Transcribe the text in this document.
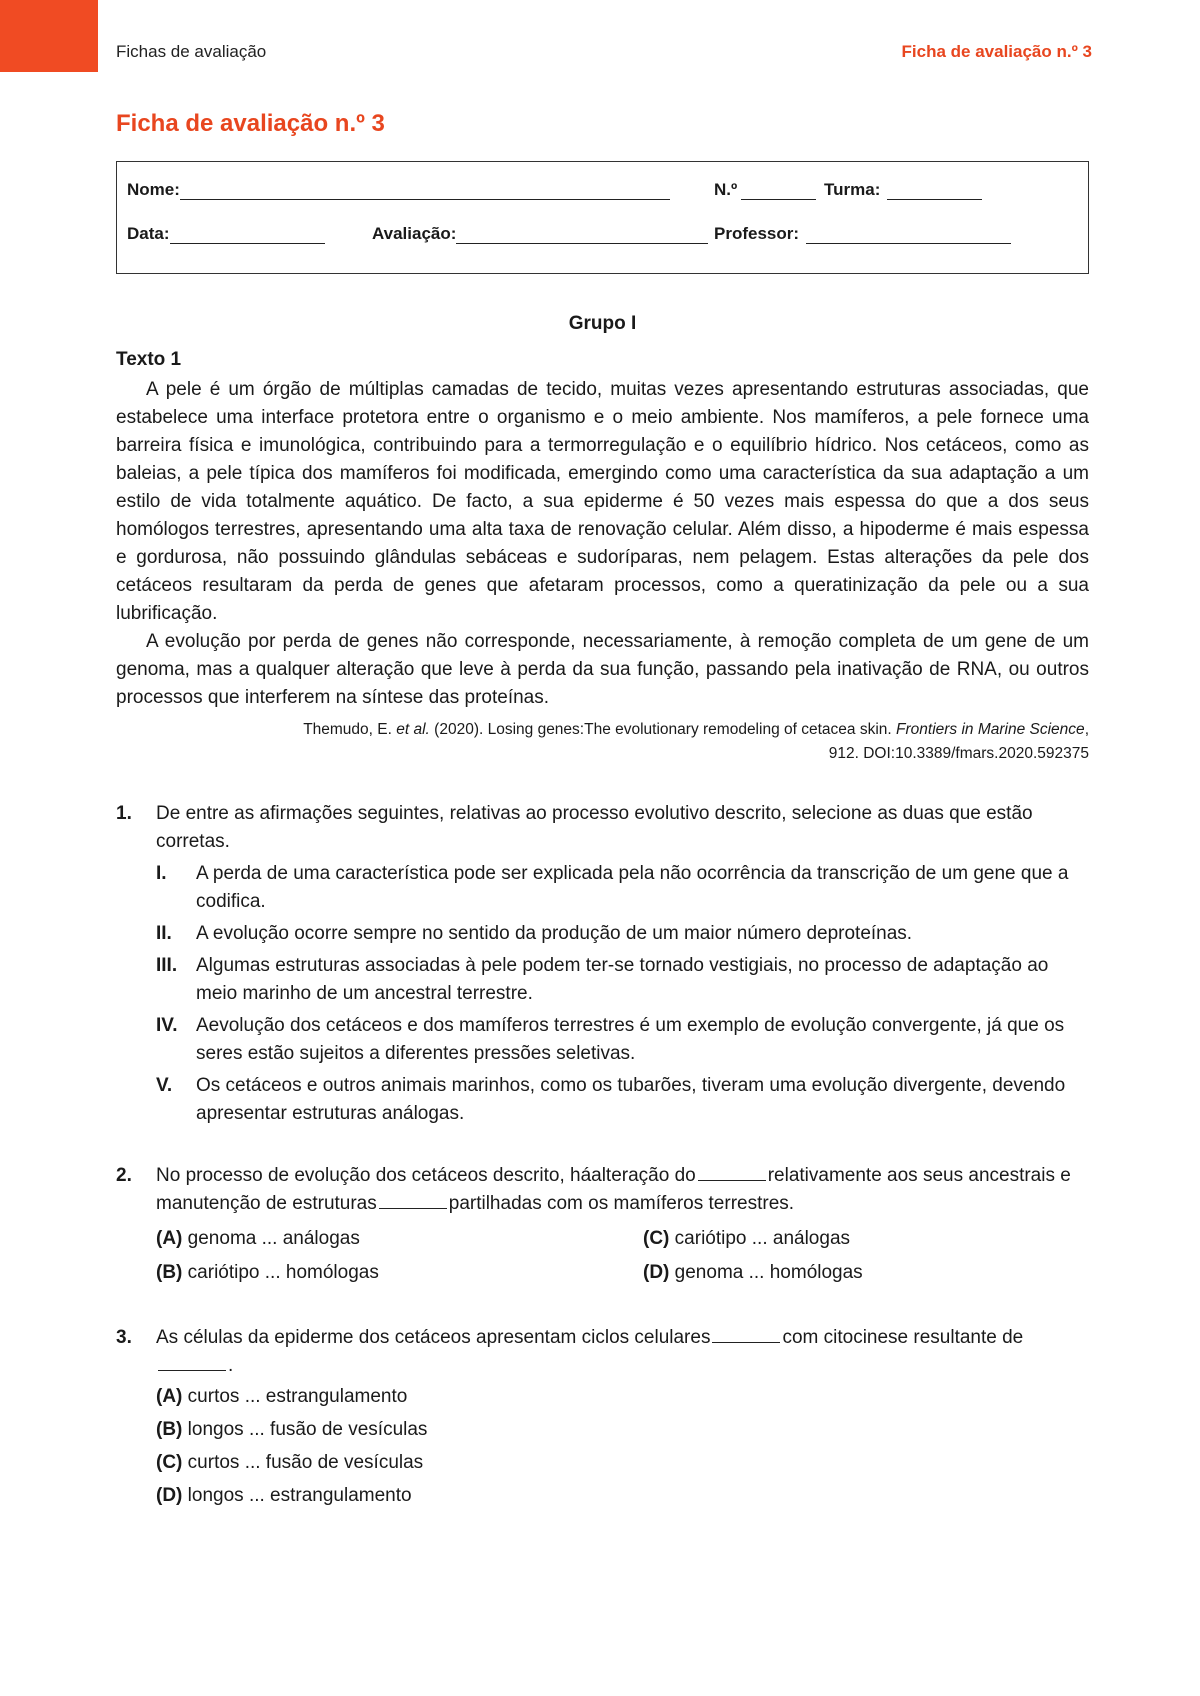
Fichas de avaliação	Ficha de avaliação n.º 3
Ficha de avaliação n.º 3
Nome:	N.º	Turma:
Data:	Avaliação:	Professor:
Grupo I
Texto 1

A pele é um órgão de múltiplas camadas de tecido, muitas vezes apresentando estruturas associadas, que estabelece uma interface protetora entre o organismo e o meio ambiente. Nos mamíferos, a pele fornece uma barreira física e imunológica, contribuindo para a termorregulação e o equilíbrio hídrico. Nos cetáceos, como as baleias, a pele típica dos mamíferos foi modificada, emergindo como uma característica da sua adaptação a um estilo de vida totalmente aquático. De facto, a sua epiderme é 50 vezes mais espessa do que a dos seus homólogos terrestres, apresentando uma alta taxa de renovação celular. Além disso, a hipoderme é mais espessa e gordurosa, não possuindo glândulas sebáceas e sudoríparas, nem pelagem. Estas alterações da pele dos cetáceos resultaram da perda de genes que afetaram processos, como a queratinização da pele ou a sua lubrificação.

A evolução por perda de genes não corresponde, necessariamente, à remoção completa de um gene de um genoma, mas a qualquer alteração que leve à perda da sua função, passando pela inativação de RNA, ou outros processos que interferem na síntese das proteínas.

Themudo, E. et al. (2020). Losing genes:The evolutionary remodeling of cetacea skin. Frontiers in Marine Science,
912. DOI:10.3389/fmars.2020.592375
1. De entre as afirmações seguintes, relativas ao processo evolutivo descrito, selecione as duas que estão corretas.
I. A perda de uma característica pode ser explicada pela não ocorrência da transcrição de um gene que a codifica.
II. A evolução ocorre sempre no sentido da produção de um maior número deproteínas.
III. Algumas estruturas associadas à pele podem ter-se tornado vestigiais, no processo de adaptação ao meio marinho de um ancestral terrestre.
IV. Aevolução dos cetáceos e dos mamíferos terrestres é um exemplo de evolução convergente, já que os seres estão sujeitos a diferentes pressões seletivas.
V. Os cetáceos e outros animais marinhos, como os tubarões, tiveram uma evolução divergente, devendo apresentar estruturas análogas.
2. No processo de evolução dos cetáceos descrito, háalteração do	relativamente aos seus ancestrais e manutenção de estruturas	partilhadas com os mamíferos terrestres.
(A) genoma ... análogas	(C) cariótipo ... análogas
(B) cariótipo ... homólogas	(D) genoma ... homólogas
3. As células da epiderme dos cetáceos apresentam ciclos celulares	com citocinese resultante de.
(A) curtos ... estrangulamento
(B) longos ... fusão de vesículas
(C) curtos ... fusão de vesículas
(D) longos ... estrangulamento
